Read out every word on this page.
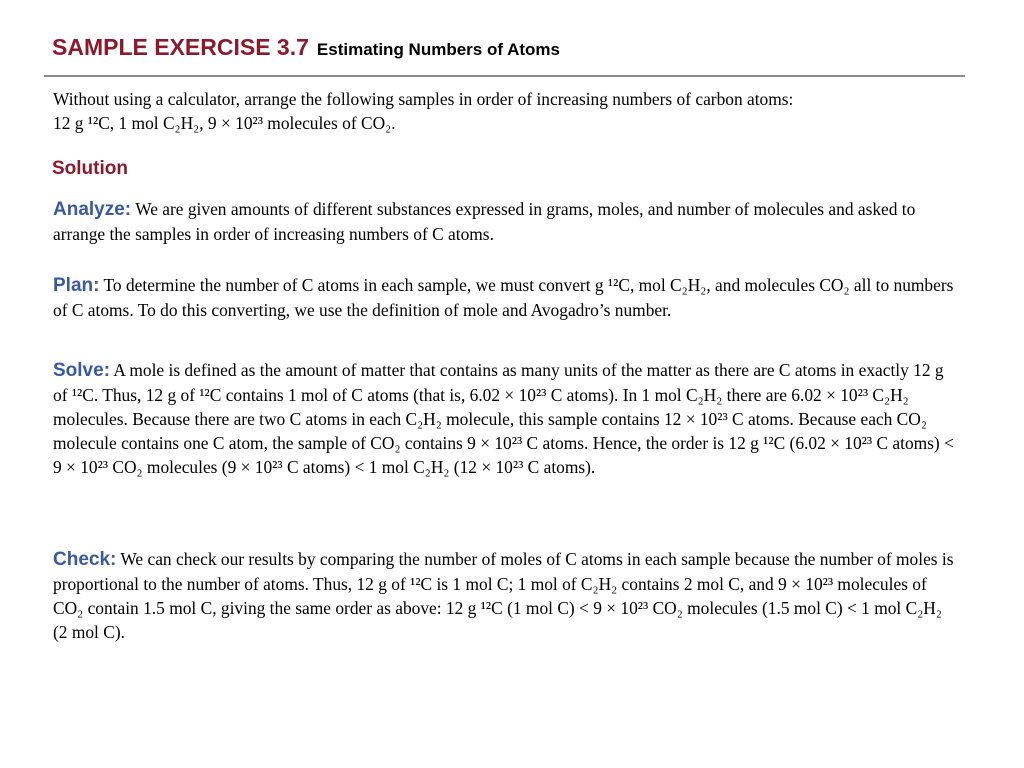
SAMPLE EXERCISE 3.7 Estimating Numbers of Atoms
Without using a calculator, arrange the following samples in order of increasing numbers of carbon atoms:
12 g ¹²C, 1 mol C₂H₂, 9 × 10²³ molecules of CO₂.
Solution
Analyze: We are given amounts of different substances expressed in grams, moles, and number of molecules and asked to arrange the samples in order of increasing numbers of C atoms.
Plan: To determine the number of C atoms in each sample, we must convert g ¹²C, mol C₂H₂, and molecules CO₂ all to numbers of C atoms. To do this converting, we use the definition of mole and Avogadro’s number.
Solve: A mole is defined as the amount of matter that contains as many units of the matter as there are C atoms in exactly 12 g of ¹²C. Thus, 12 g of ¹²C contains 1 mol of C atoms (that is, 6.02 × 10²³ C atoms). In 1 mol C₂H₂ there are 6.02 × 10²³ C₂H₂ molecules. Because there are two C atoms in each C₂H₂ molecule, this sample contains 12 × 10²³ C atoms. Because each CO₂ molecule contains one C atom, the sample of CO₂ contains 9 × 10²³ C atoms. Hence, the order is 12 g ¹²C (6.02 × 10²³ C atoms) < 9 × 10²³ CO₂ molecules (9 × 10²³ C atoms) < 1 mol C₂H₂ (12 × 10²³ C atoms).
Check: We can check our results by comparing the number of moles of C atoms in each sample because the number of moles is proportional to the number of atoms. Thus, 12 g of ¹²C is 1 mol C; 1 mol of C₂H₂ contains 2 mol C, and 9 × 10²³ molecules of CO₂ contain 1.5 mol C, giving the same order as above: 12 g ¹²C (1 mol C) < 9 × 10²³ CO₂ molecules (1.5 mol C) < 1 mol C₂H₂ (2 mol C).
